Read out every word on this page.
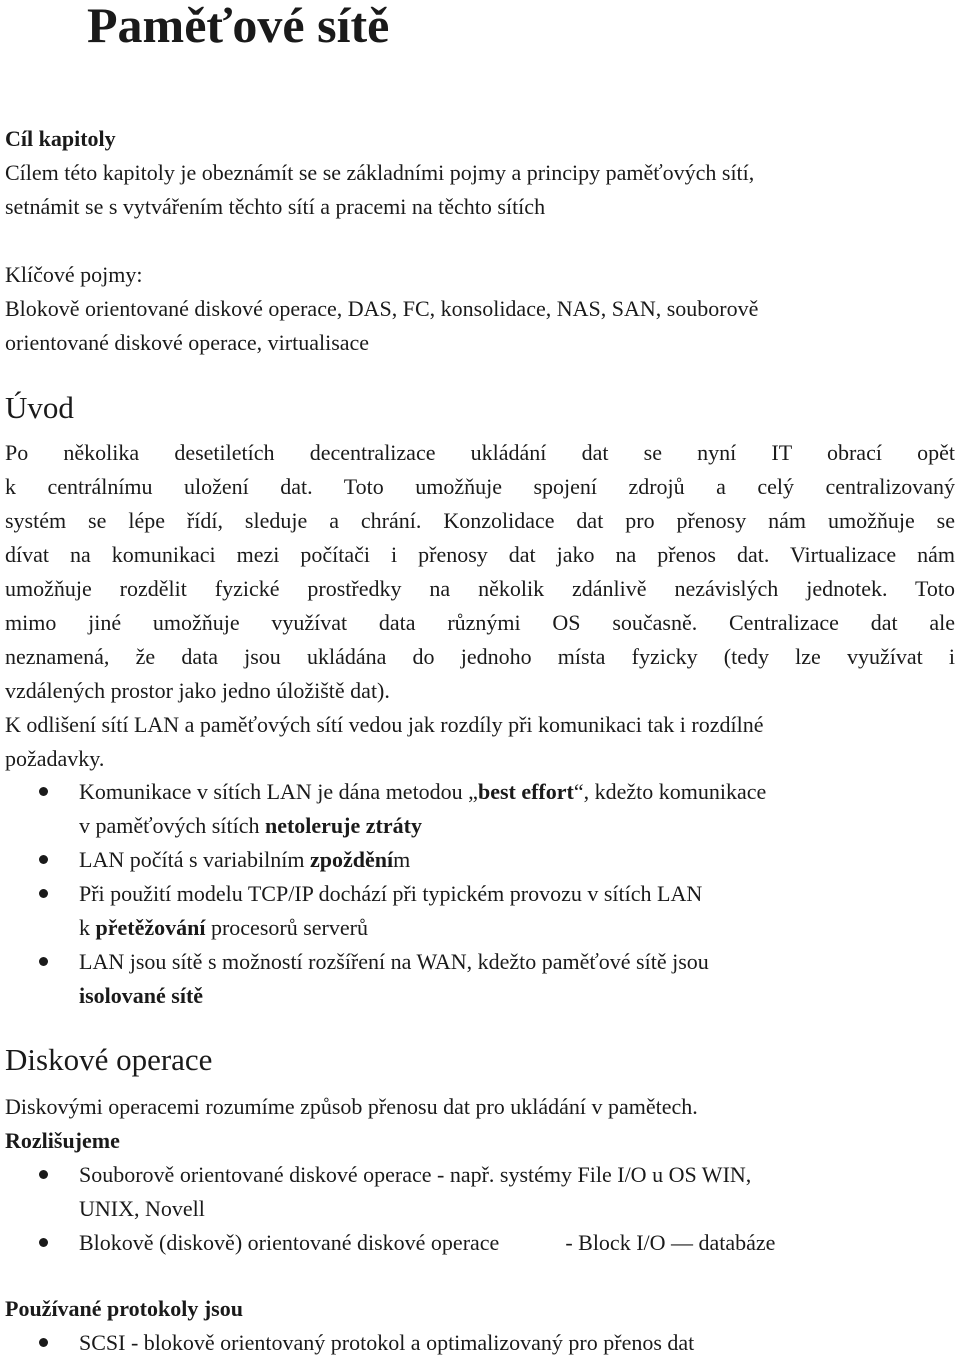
Paměťové sítě
Cíl kapitoly
Cílem této kapitoly je obeznámít se se základními pojmy a principy paměťových sítí,
setnámit se s vytvářením těchto sítí a pracemi na těchto sítích
Klíčové pojmy:
Blokově orientované diskové operace, DAS, FC, konsolidace, NAS, SAN, souborově
orientované diskové operace, virtualisace
Úvod
Po několika desetiletích decentralizace ukládání dat se nyní IT obrací opět
k centrálnímu uložení dat. Toto umožňuje spojení zdrojů a celý centralizovaný
systém se lépe řídí, sleduje a chrání. Konzolidace dat pro přenosy nám umožňuje se
dívat na komunikaci mezi počítači i přenosy dat jako na přenos dat. Virtualizace nám
umožňuje rozdělit fyzické prostředky na několik zdánlivě nezávislých jednotek. Toto
mimo jiné umožňuje využívat data různými OS současně. Centralizace dat ale
neznamená, že data jsou ukládána do jednoho místa fyzicky (tedy lze využívat i
vzdálených prostor jako jedno úložiště dat).
K odlišení sítí LAN a paměťových sítí vedou jak rozdíly při komunikaci tak i rozdílné
požadavky.
Komunikace v sítích LAN je dána metodou „best effort“, kdežto komunikace
v paměťových sítích netoleruje ztráty
LAN počítá s variabilním zpožděním
Při použití modelu TCP/IP dochází při typickém provozu v sítích LAN
k přetěžování procesorů serverů
LAN jsou sítě s možností rozšíření na WAN, kdežto paměťové sítě jsou
isolované sítě
Diskové operace
Diskovými operacemi rozumíme způsob přenosu dat pro ukládání v pamětech.
Rozlišujeme
Souborově orientované diskové operace - např. systémy File I/O u OS WIN,
UNIX, Novell
Blokově (diskově) orientované diskové operace	- Block I/O — databáze
Používané protokoly jsou
SCSI - blokově orientovaný protokol a optimalizovaný pro přenos dat
